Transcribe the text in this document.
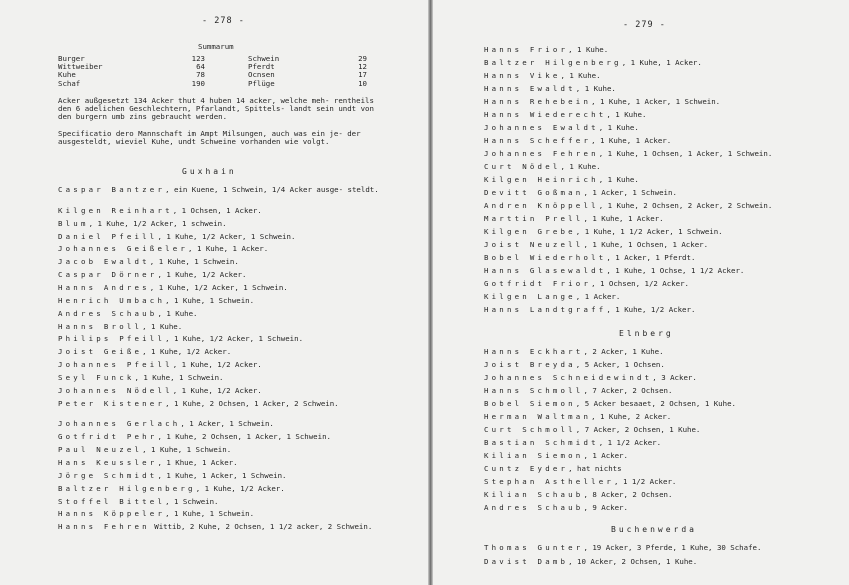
- 278 -
Summarum
Burger	123	Schwein	29
Wittweiber	64	Pferdt	12
Kuhe	78	Ocnsen	17
Schaf	190	Pflüge	10
Acker außgesetzt 134 Acker thut 4 huben 14 acker, welche meh- rentheils den 6 adelichen Geschlechtern, Pfarlandt, Spittels- landt sein undt von den burgern umb zins gebraucht werden.
Specificatio dero Mannschaft im Ampt Milsungen, auch was ein je- der ausgesteldt, wieviel Kuhe, undt Schweine vorhanden wie volgt.
Guxhain
Caspar Bantzer, ein Kuene, 1 Schwein, 1/4 Acker ausge- steldt.
Kilgen Reinhart, 1 Ochsen, 1 Acker.
Blum, 1 Kuhe, 1/2 Acker, 1 schwein.
Daniel Pfeill, 1 Kuhe, 1/2 Acker, 1 Schwein.
Johannes Geißeler, 1 Kuhe, 1 Acker.
Jacob Ewaldt, 1 Kuhe, 1 Schwein.
Caspar Dörner, 1 Kuhe, 1/2 Acker.
Hanns Andres, 1 Kuhe, 1/2 Acker, 1 Schwein.
Henrich Umbach, 1 Kuhe, 1 Schwein.
Andres Schaub, 1 Kuhe.
Hanns Broll, 1 Kuhe.
Philips Pfeill, 1 Kuhe, 1/2 Acker, 1 Schwein.
Joist Geiße, 1 Kuhe, 1/2 Acker.
Johannes Pfeill, 1 Kuhe, 1/2 Acker.
Seyl Funck, 1 Kuhe, 1 Schwein.
Johannes Nödell, 1 Kuhe, 1/2 Acker.
Peter Kistener, 1 Kuhe, 2 Ochsen, 1 Acker, 2 Schwein.
Johannes Gerlach, 1 Acker, 1 Schwein.
Gotfridt Pehr, 1 Kuhe, 2 Ochsen, 1 Acker, 1 Schwein.
Paul Neuzel, 1 Kuhe, 1 Schwein.
Hans Keussler, 1 Khue, 1 Acker.
Jörge Schmidt, 1 Kuhe, 1 Acker, 1 Schwein.
Baltzer Hilgenberg, 1 Kuhe, 1/2 Acker.
Stoffel Bittel, 1 Schwein.
Hanns Köppeler, 1 Kuhe, 1 Schwein.
Hanns Fehren Wittib, 2 Kuhe, 2 Ochsen, 1 1/2 acker, 2 Schwein.
- 279 -
Hanns Frior, 1 Kuhe.
Baltzer Hilgenberg, 1 Kuhe, 1 Acker.
Hanns Vike, 1 Kuhe.
Hanns Ewaldt, 1 Kuhe.
Hanns Rehebein, 1 Kuhe, 1 Acker, 1 Schwein.
Hanns Wiederecht, 1 Kuhe.
Johannes Ewaldt, 1 Kuhe.
Hanns Scheffer, 1 Kuhe, 1 Acker.
Johannes Fehren, 1 Kuhe, 1 Ochsen, 1 Acker, 1 Schwein.
Curt Nödel, 1 Kuhe.
Kilgen Heinrich, 1 Kuhe.
Devitt Goßman, 1 Acker, 1 Schwein.
Andren Knöppell, 1 Kuhe, 2 Ochsen, 2 Acker, 2 Schwein.
Marttin Prell, 1 Kuhe, 1 Acker.
Kilgen Grebe, 1 Kuhe, 1 1/2 Acker, 1 Schwein.
Joist Neuzell, 1 Kuhe, 1 Ochsen, 1 Acker.
Bobel Wiederholt, 1 Acker, 1 Pferdt.
Hanns Glasewaldt, 1 Kuhe, 1 Ochse, 1 1/2 Acker.
Gotfridt Frior, 1 Ochsen, 1/2 Acker.
Kilgen Lange, 1 Acker.
Hanns Landtgraff, 1 Kuhe, 1/2 Acker.
Elnberg
Hanns Eckhart, 2 Acker, 1 Kuhe.
Joist Breyda, 5 Acker, 1 Ochsen.
Johannes Schneidewindt, 3 Acker.
Hanns Schmoll, 7 Acker, 2 Ochsen.
Bobel Siemon, 5 Acker besaaet, 2 Ochsen, 1 Kuhe.
Herman Waltman, 1 Kuhe, 2 Acker.
Curt Schmoll, 7 Acker, 2 Ochsen, 1 Kuhe.
Bastian Schmidt, 1 1/2 Acker.
Kilian Siemon, 1 Acker.
Cuntz Eyder, hat nichts
Stephan Astheller, 1 1/2 Acker.
Kilian Schaub, 8 Acker, 2 Ochsen.
Andres Schaub, 9 Acker.
Buchenwerda
Thomas Gunter, 19 Acker, 3 Pferde, 1 Kuhe, 30 Schafe.
Davist Damb, 10 Acker, 2 Ochsen, 1 Kuhe.
